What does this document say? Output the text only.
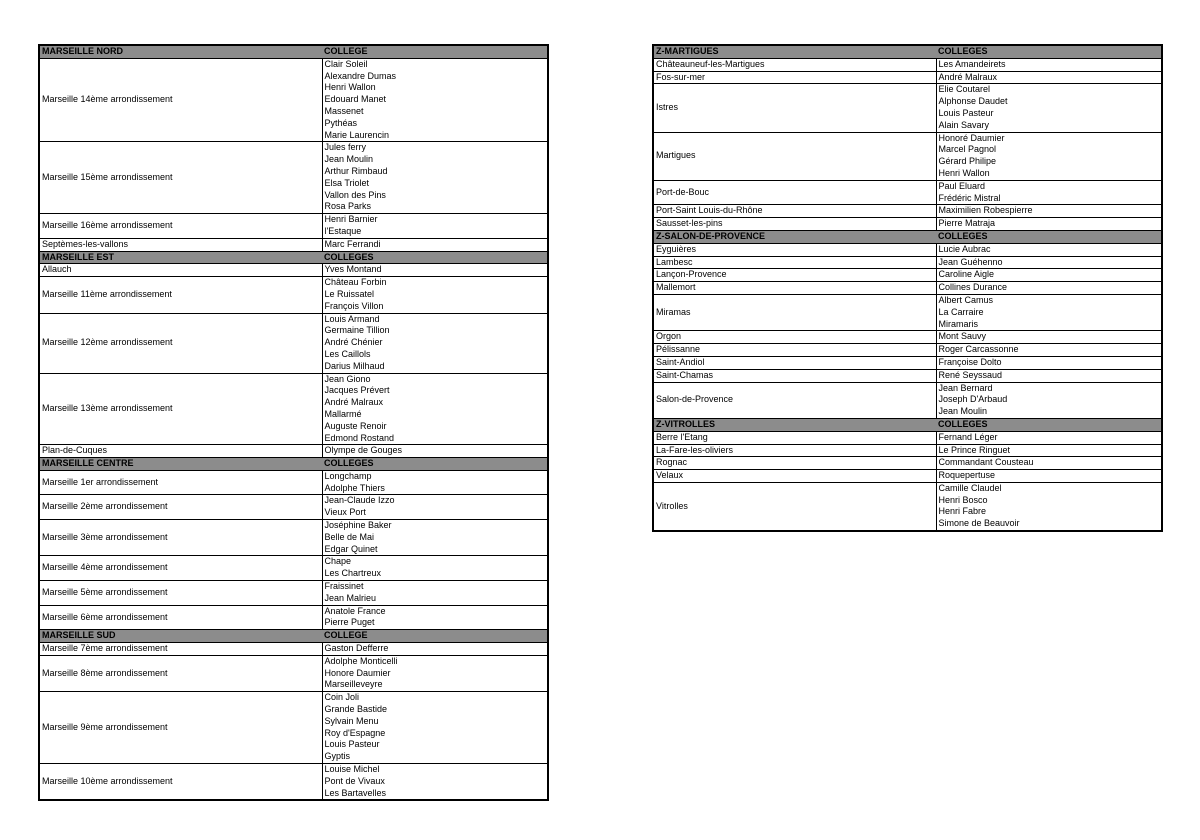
MARSEILLE NORD	COLLEGE
Marseille 14ème arrondissement	Clair Soleil
	Alexandre Dumas
	Henri Wallon
	Edouard Manet
	Massenet
	Pythéas
	Marie Laurencin
Marseille 15ème arrondissement	Jules ferry
	Jean Moulin
	Arthur Rimbaud
	Elsa Triolet
	Vallon des Pins
	Rosa Parks
Marseille 16ème arrondissement	Henri Barnier
	l'Estaque
Septèmes-les-vallons	Marc Ferrandi
MARSEILLE EST	COLLEGES
Allauch	Yves Montand
Marseille 11ème arrondissement	Château Forbin
	Le Ruissatel
	François Villon
Marseille 12ème arrondissement	Louis Armand
	Germaine Tillion
	André Chénier
	Les Caillols
	Darius Milhaud
Marseille 13ème arrondissement	Jean Giono
	Jacques Prévert
	André Malraux
	Mallarmé
	Auguste Renoir
	Edmond Rostand
Plan-de-Cuques	Olympe de Gouges
MARSEILLE CENTRE	COLLEGES
Marseille 1er arrondissement	Longchamp
	Adolphe Thiers
Marseille 2ème arrondissement	Jean-Claude Izzo
	Vieux Port
Marseille 3ème arrondissement	Joséphine Baker
	Belle de Mai
	Edgar Quinet
Marseille 4ème arrondissement	Chape
	Les Chartreux
Marseille 5ème arrondissement	Fraissinet
	Jean Malrieu
Marseille 6ème arrondissement	Anatole France
	Pierre Puget
MARSEILLE SUD	COLLEGE
Marseille 7ème arrondissement	Gaston Defferre
Marseille 8ème arrondissement	Adolphe Monticelli
	Honore Daumier
	Marseilleveyre
Marseille 9ème arrondissement	Coin Joli
	Grande Bastide
	Sylvain Menu
	Roy d'Espagne
	Louis Pasteur
	Gyptis
Marseille 10ème arrondissement	Louise Michel
	Pont de Vivaux
	Les Bartavelles
Z-MARTIGUES	COLLEGES
Châteauneuf-les-Martigues	Les Amandeirets
Fos-sur-mer	André Malraux
Istres	Elie Coutarel
	Alphonse Daudet
	Louis Pasteur
	Alain Savary
Martigues	Honoré Daumier
	Marcel Pagnol
	Gérard Philipe
	Henri Wallon
Port-de-Bouc	Paul Eluard
	Frédéric Mistral
Port-Saint Louis-du-Rhône	Maximilien Robespierre
Sausset-les-pins	Pierre Matraja
Z-SALON-DE-PROVENCE	COLLEGES
Eyguières	Lucie Aubrac
Lambesc	Jean Guéhenno
Lançon-Provence	Caroline Aigle
Mallemort	Collines Durance
Miramas	Albert Camus
	La Carraire
	Miramaris
Orgon	Mont Sauvy
Pélissanne	Roger Carcassonne
Saint-Andiol	Françoise Dolto
Saint-Chamas	René Seyssaud
Salon-de-Provence	Jean Bernard
	Joseph D'Arbaud
	Jean Moulin
Z-VITROLLES	COLLEGES
Berre l'Etang	Fernand Léger
La-Fare-les-oliviers	Le Prince Ringuet
Rognac	Commandant Cousteau
Velaux	Roquepertuse
Vitrolles	Camille Claudel
	Henri Bosco
	Henri Fabre
	Simone de Beauvoir
